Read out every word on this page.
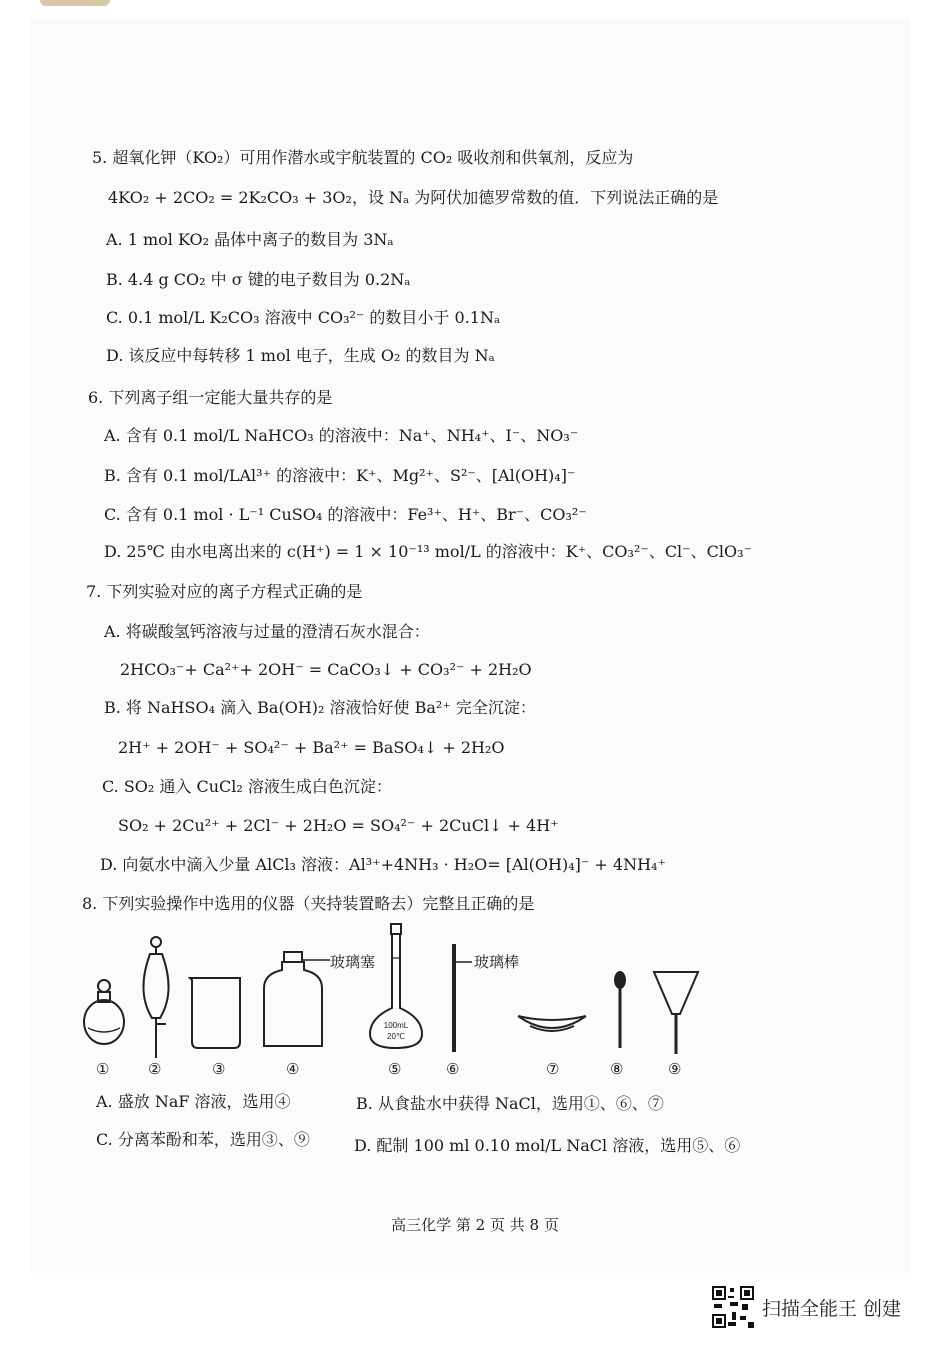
5. 超氧化钾（KO₂）可用作潜水或宇航装置的 CO₂ 吸收剂和供氧剂，反应为
4KO₂ + 2CO₂ = 2K₂CO₃ + 3O₂，设 Nₐ 为阿伏加德罗常数的值．下列说法正确的是
A. 1 mol KO₂ 晶体中离子的数目为 3Nₐ
B. 4.4 g CO₂ 中 σ 键的电子数目为 0.2Nₐ
C. 0.1 mol/L K₂CO₃ 溶液中 CO₃²⁻ 的数目小于 0.1Nₐ
D. 该反应中每转移 1 mol 电子，生成 O₂ 的数目为 Nₐ
6. 下列离子组一定能大量共存的是
A. 含有 0.1 mol/L NaHCO₃ 的溶液中：Na⁺、NH₄⁺、I⁻、NO₃⁻
B. 含有 0.1 mol/LAl³⁺ 的溶液中：K⁺、Mg²⁺、S²⁻、[Al(OH)₄]⁻
C. 含有 0.1 mol · L⁻¹ CuSO₄ 的溶液中：Fe³⁺、H⁺、Br⁻、CO₃²⁻
D. 25℃ 由水电离出来的 c(H⁺) = 1 × 10⁻¹³ mol/L 的溶液中：K⁺、CO₃²⁻、Cl⁻、ClO₃⁻
7. 下列实验对应的离子方程式正确的是
A. 将碳酸氢钙溶液与过量的澄清石灰水混合：
2HCO₃⁻+ Ca²⁺+ 2OH⁻ = CaCO₃↓ + CO₃²⁻ + 2H₂O
B. 将 NaHSO₄ 滴入 Ba(OH)₂ 溶液恰好使 Ba²⁺ 完全沉淀：
2H⁺ + 2OH⁻ + SO₄²⁻ + Ba²⁺ = BaSO₄↓ + 2H₂O
C. SO₂ 通入 CuCl₂ 溶液生成白色沉淀：
SO₂ + 2Cu²⁺ + 2Cl⁻ + 2H₂O = SO₄²⁻ + 2CuCl↓ + 4H⁺
D. 向氨水中滴入少量 AlCl₃ 溶液：Al³⁺+4NH₃ · H₂O= [Al(OH)₄]⁻ + 4NH₄⁺
8. 下列实验操作中选用的仪器（夹持装置略去）完整且正确的是
100mL
20℃
玻璃塞	玻璃棒
①	②	③	④	⑤	⑥	⑦	⑧	⑨
A. 盛放 NaF 溶液，选用④	B. 从食盐水中获得 NaCl，选用①、⑥、⑦
C. 分离苯酚和苯，选用③、⑨	D. 配制 100 ml 0.10 mol/L NaCl 溶液，选用⑤、⑥
高三化学 第 2 页 共 8 页
扫描全能王 创建
